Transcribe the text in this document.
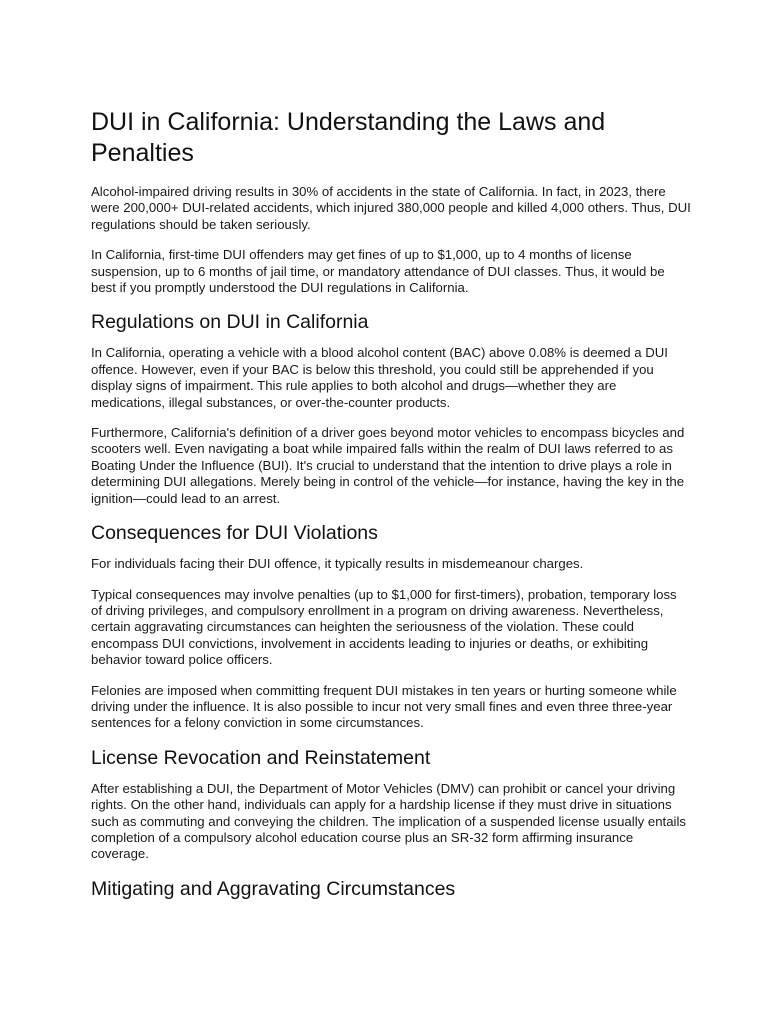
DUI in California: Understanding the Laws and Penalties

Alcohol-impaired driving results in 30% of accidents in the state of California. In fact, in 2023, there were 200,000+ DUI-related accidents, which injured 380,000 people and killed 4,000 others. Thus, DUI regulations should be taken seriously.

In California, first-time DUI offenders may get fines of up to $1,000, up to 4 months of license suspension, up to 6 months of jail time, or mandatory attendance of DUI classes. Thus, it would be best if you promptly understood the DUI regulations in California.

Regulations on DUI in California

In California, operating a vehicle with a blood alcohol content (BAC) above 0.08% is deemed a DUI offence. However, even if your BAC is below this threshold, you could still be apprehended if you display signs of impairment. This rule applies to both alcohol and drugs—whether they are medications, illegal substances, or over-the-counter products.

Furthermore, California's definition of a driver goes beyond motor vehicles to encompass bicycles and scooters well. Even navigating a boat while impaired falls within the realm of DUI laws referred to as Boating Under the Influence (BUI). It's crucial to understand that the intention to drive plays a role in determining DUI allegations. Merely being in control of the vehicle—for instance, having the key in the ignition—could lead to an arrest.

Consequences for DUI Violations

For individuals facing their DUI offence, it typically results in misdemeanour charges.

Typical consequences may involve penalties (up to $1,000 for first-timers), probation, temporary loss of driving privileges, and compulsory enrollment in a program on driving awareness. Nevertheless, certain aggravating circumstances can heighten the seriousness of the violation. These could encompass DUI convictions, involvement in accidents leading to injuries or deaths, or exhibiting behavior toward police officers.

Felonies are imposed when committing frequent DUI mistakes in ten years or hurting someone while driving under the influence. It is also possible to incur not very small fines and even three three-year sentences for a felony conviction in some circumstances.

License Revocation and Reinstatement

After establishing a DUI, the Department of Motor Vehicles (DMV) can prohibit or cancel your driving rights. On the other hand, individuals can apply for a hardship license if they must drive in situations such as commuting and conveying the children. The implication of a suspended license usually entails completion of a compulsory alcohol education course plus an SR-32 form affirming insurance coverage.

Mitigating and Aggravating Circumstances
